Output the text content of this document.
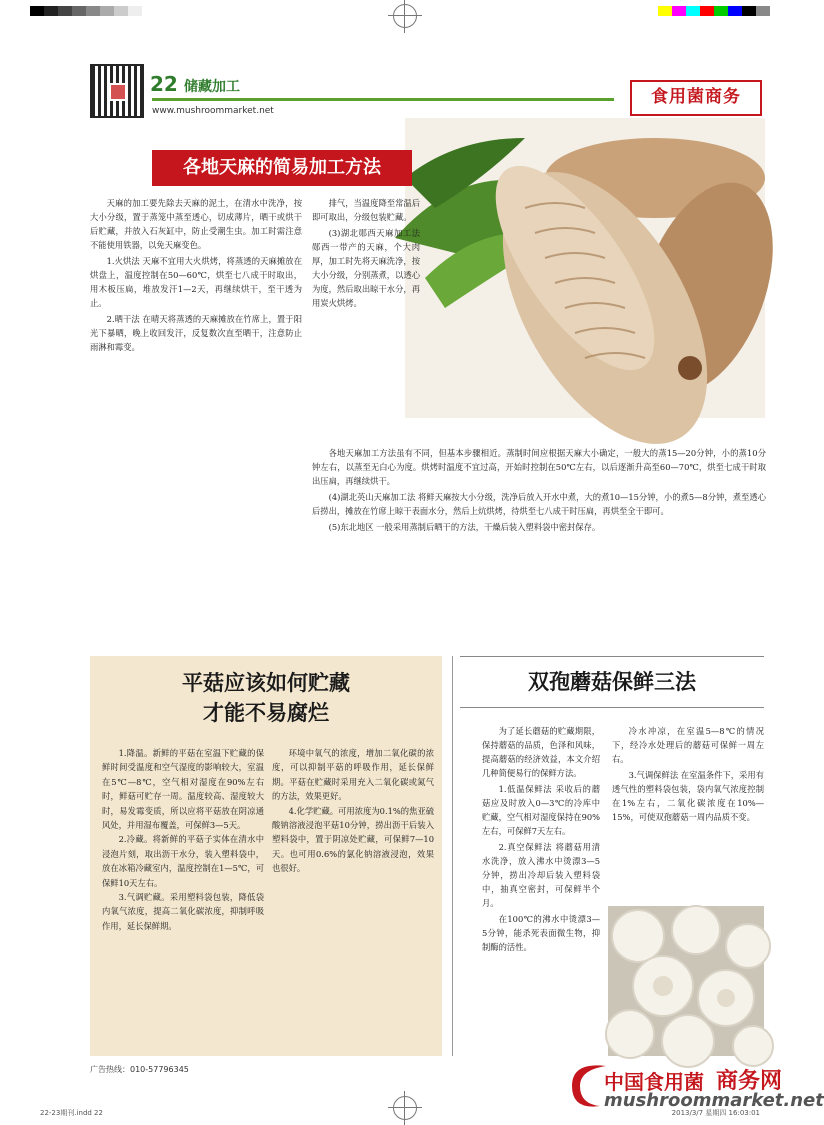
22 储藏加工
www.mushroommarket.net
食用菌商务
各地天麻的简易加工方法

天麻的加工要先除去天麻的泥土，在清水中洗净，按大小分级，置于蒸笼中蒸至透心，切成薄片，晒干或烘干后贮藏，并放入石灰缸中，防止受潮生虫。加工时需注意不能使用铁器，以免天麻变色。

1.火烘法 天麻不宜用大火烘烤，将蒸透的天麻摊放在烘盘上，温度控制在50—60℃，烘至七八成干时取出，用木板压扁，堆放发汗1—2天，再继续烘干，至干透为止。

2.晒干法 在晴天将蒸透的天麻摊放在竹席上，置于阳光下暴晒，晚上收回发汗，反复数次直至晒干，注意防止雨淋和霉变。

排气，当温度降至常温后即可取出，分级包装贮藏。

(3)湖北郧西天麻加工法 郧西一带产的天麻，个大肉厚，加工时先将天麻洗净，按大小分级，分别蒸煮，以透心为度，然后取出晾干水分，再用炭火烘烤。

各地天麻加工方法虽有不同，但基本步骤相近。蒸制时间应根据天麻大小确定，一般大的蒸15—20分钟，小的蒸10分钟左右，以蒸至无白心为度。烘烤时温度不宜过高，开始时控制在50℃左右，以后逐渐升高至60—70℃，烘至七成干时取出压扁，再继续烘干。

(4)湖北英山天麻加工法 将鲜天麻按大小分级，洗净后放入开水中煮，大的煮10—15分钟，小的煮5—8分钟，煮至透心后捞出，摊放在竹席上晾干表面水分，然后上炕烘烤，待烘至七八成干时压扁，再烘至全干即可。

(5)东北地区 一般采用蒸制后晒干的方法，干燥后装入塑料袋中密封保存。

平菇应该如何贮藏
才能不易腐烂

1.降温。新鲜的平菇在室温下贮藏的保鲜时间受温度和空气湿度的影响较大，室温在5℃—8℃，空气相对湿度在90%左右时，鲜菇可贮存一周。温度较高、湿度较大时，易发霉变质，所以应将平菇放在阴凉通风处，并用湿布覆盖，可保鲜3—5天。

2.冷藏。将新鲜的平菇子实体在清水中浸泡片刻，取出沥干水分，装入塑料袋中，放在冰箱冷藏室内，温度控制在1—5℃，可保鲜10天左右。

3.气调贮藏。采用塑料袋包装，降低袋内氧气浓度，提高二氧化碳浓度，抑制呼吸作用，延长保鲜期。

环境中氧气的浓度，增加二氧化碳的浓度，可以抑制平菇的呼吸作用，延长保鲜期。平菇在贮藏时采用充入二氧化碳或氮气的方法，效果更好。

4.化学贮藏。可用浓度为0.1%的焦亚硫酸钠溶液浸泡平菇10分钟，捞出沥干后装入塑料袋中，置于阴凉处贮藏，可保鲜7—10天。也可用0.6%的氯化钠溶液浸泡，效果也很好。

双孢蘑菇保鲜三法

为了延长蘑菇的贮藏期限，保持蘑菇的品质，色泽和风味，提高蘑菇的经济效益，本文介绍几种简便易行的保鲜方法。

1.低温保鲜法 采收后的蘑菇应及时放入0—3℃的冷库中贮藏，空气相对湿度保持在90%左右，可保鲜7天左右。

2.真空保鲜法 将蘑菇用清水洗净，放入沸水中烫漂3—5分钟，捞出冷却后装入塑料袋中，抽真空密封，可保鲜半个月。

在100℃的沸水中烫漂3—5分钟，能杀死表面微生物，抑制酶的活性。

冷水冲凉，在室温5—8℃的情况下，经冷水处理后的蘑菇可保鲜一周左右。

3.气调保鲜法 在室温条件下，采用有透气性的塑料袋包装，袋内氧气浓度控制在1%左右，二氧化碳浓度在10%—15%，可使双孢蘑菇一周内品质不变。

广告热线：010-57796345
中国食用菌 商务网
mushroommarket.net
22-23期刊.indd 22	2013/3/7 星期四 16:03:01
